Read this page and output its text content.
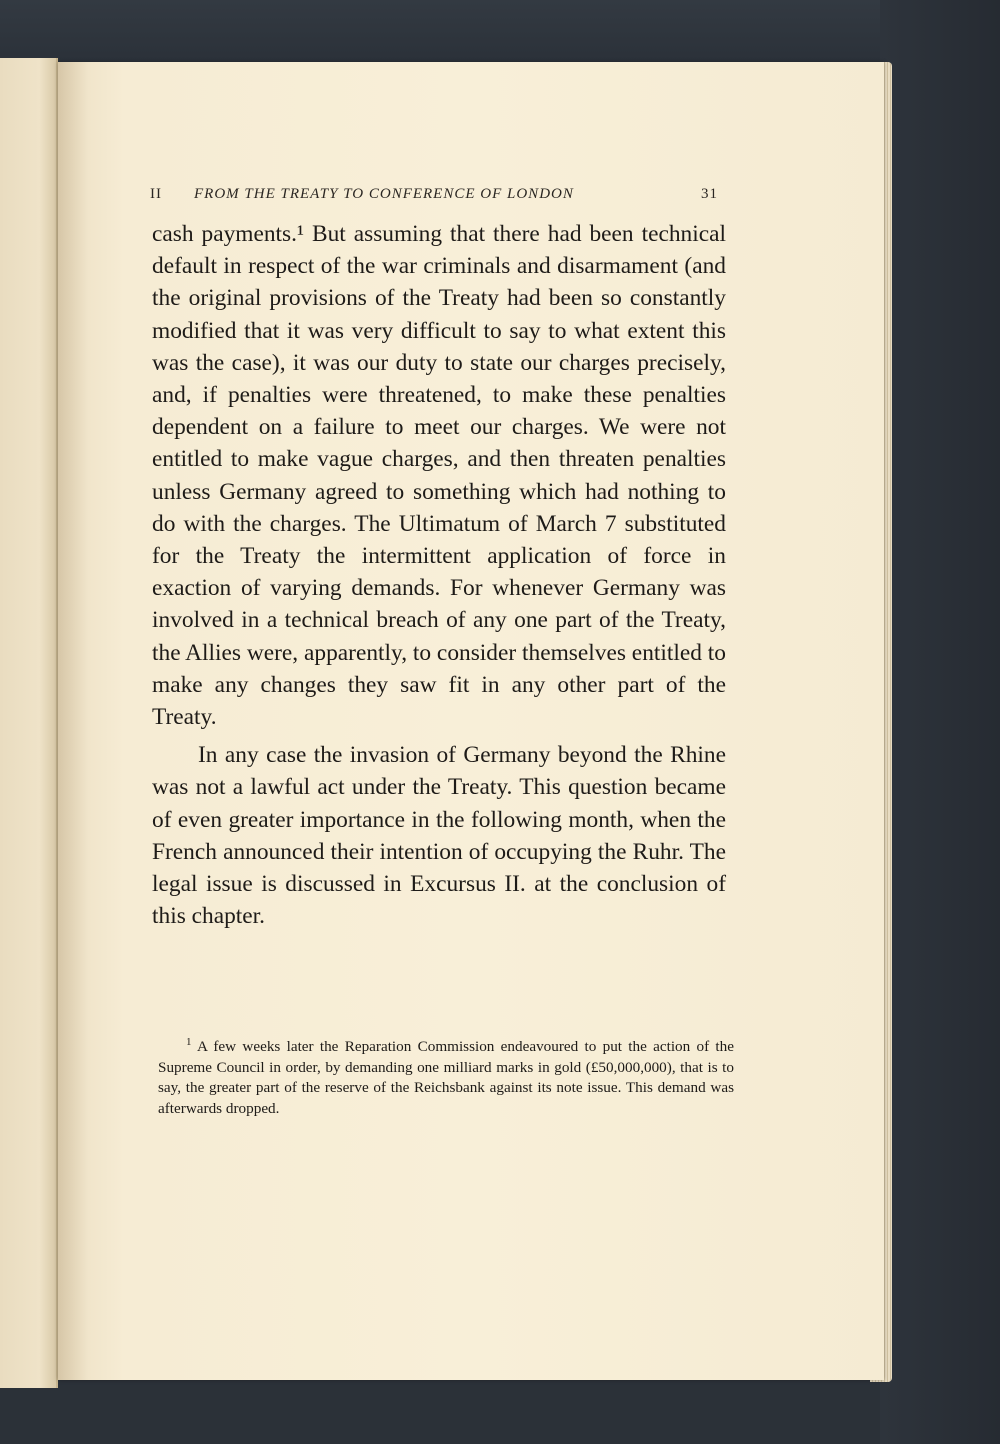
II FROM THE TREATY TO CONFERENCE OF LONDON	31

cash payments.¹ But assuming that there had been technical default in respect of the war criminals and disarmament (and the original provisions of the Treaty had been so constantly modified that it was very difficult to say to what extent this was the case), it was our duty to state our charges precisely, and, if penalties were threatened, to make these penalties dependent on a failure to meet our charges. We were not entitled to make vague charges, and then threaten penalties unless Germany agreed to something which had nothing to do with the charges. The Ultimatum of March 7 substituted for the Treaty the intermittent application of force in exaction of varying demands. For whenever Germany was involved in a technical breach of any one part of the Treaty, the Allies were, apparently, to consider themselves entitled to make any changes they saw fit in any other part of the Treaty.

In any case the invasion of Germany beyond the Rhine was not a lawful act under the Treaty. This question became of even greater importance in the following month, when the French announced their intention of occupying the Ruhr. The legal issue is discussed in Excursus II. at the conclusion of this chapter.

$^1$ A few weeks later the Reparation Commission endeavoured to put the action of the Supreme Council in order, by demanding one milliard marks in gold (£50,000,000), that is to say, the greater part of the reserve of the Reichsbank against its note issue. This demand was afterwards dropped.
